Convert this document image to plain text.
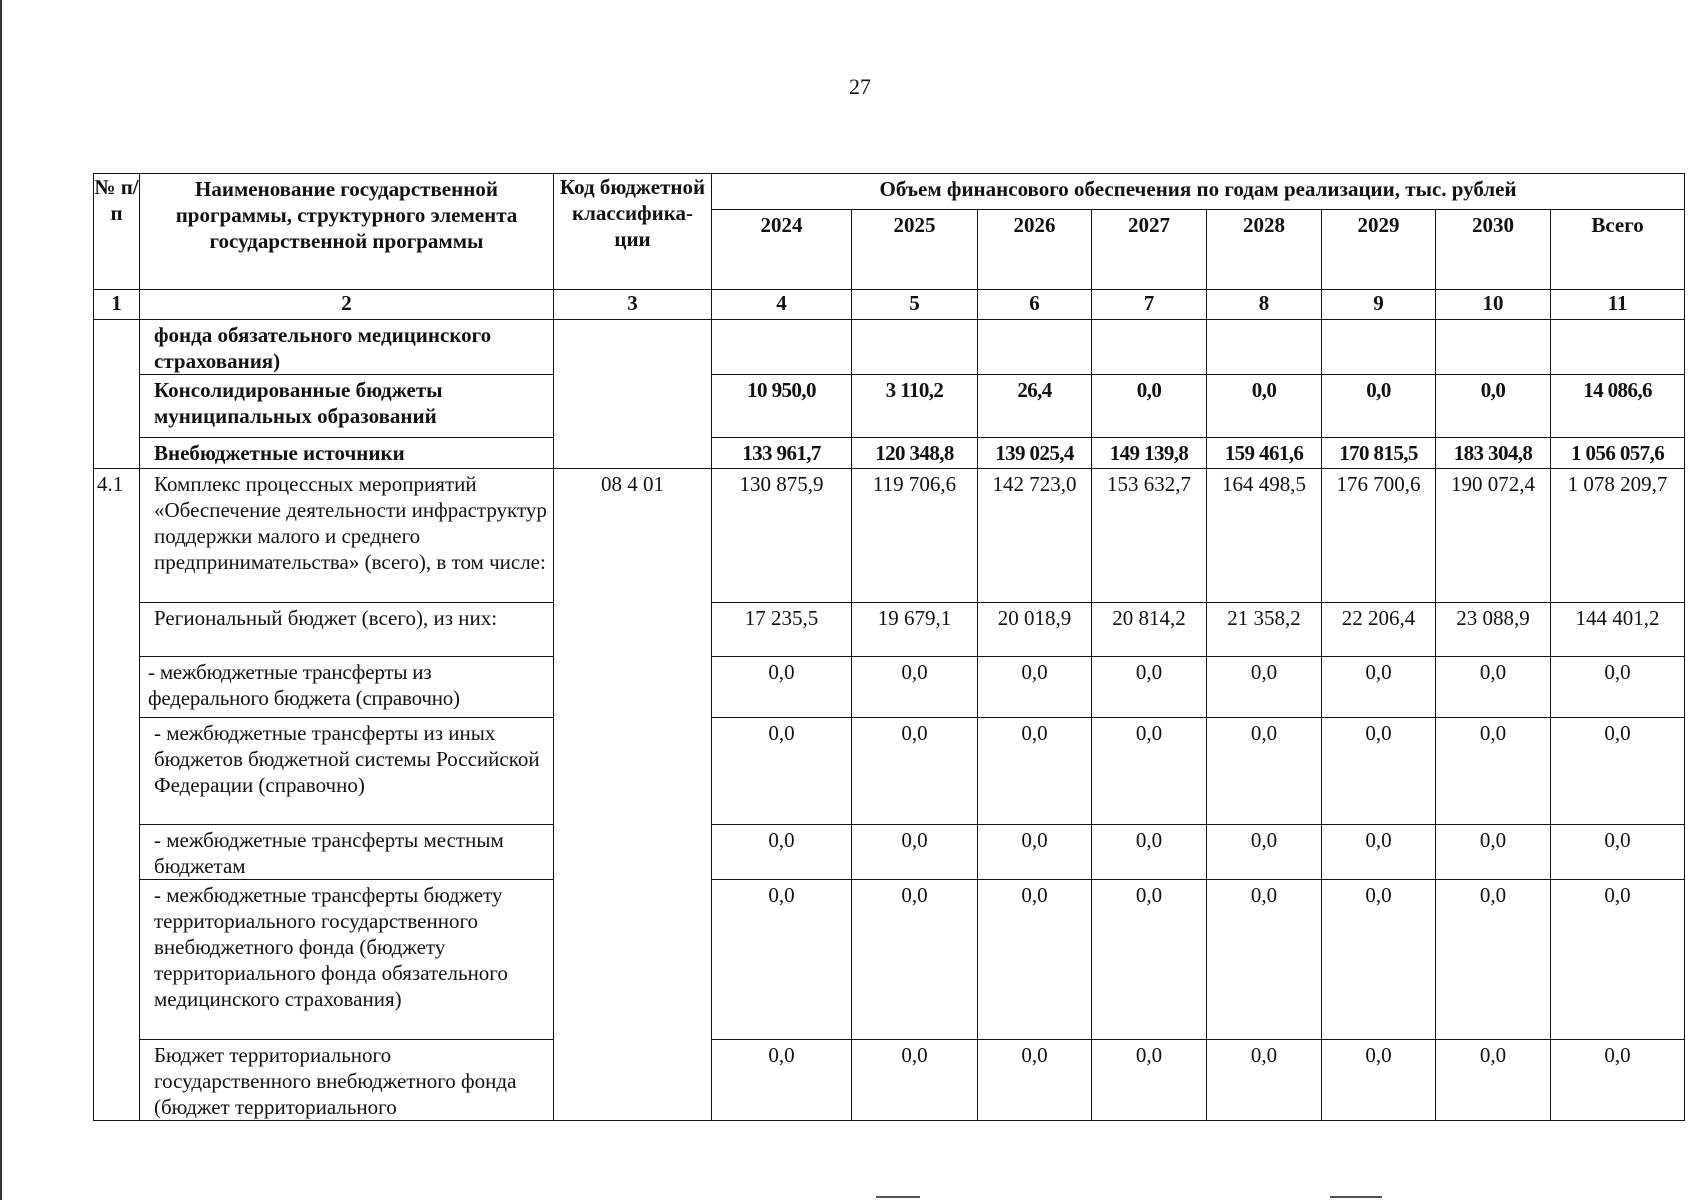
27
№ п/п	Наименование государственной программы, структурного элемента государственной программы	Код бюджетной классифика-ции	Объем финансового обеспечения по годам реализации, тыс. рублей							
			2024	2025	2026	2027	2028	2029	2030	Всего
1	2	3	4	5	6	7	8	9	10	11
	фонда обязательного медицинского страхования)									
	Консолидированные бюджеты муниципальных образований		10 950,0	3 110,2	26,4	0,0	0,0	0,0	0,0	14 086,6
	Внебюджетные источники		133 961,7	120 348,8	139 025,4	149 139,8	159 461,6	170 815,5	183 304,8	1 056 057,6
4.1	Комплекс процессных мероприятий «Обеспечение деятельности инфраструктур поддержки малого и среднего предпринимательства» (всего), в том числе:	08 4 01	130 875,9	119 706,6	142 723,0	153 632,7	164 498,5	176 700,6	190 072,4	1 078 209,7
	Региональный бюджет (всего), из них:		17 235,5	19 679,1	20 018,9	20 814,2	21 358,2	22 206,4	23 088,9	144 401,2
	- межбюджетные трансферты из федерального бюджета (справочно)		0,0	0,0	0,0	0,0	0,0	0,0	0,0	0,0
	- межбюджетные трансферты из иных бюджетов бюджетной системы Российской Федерации (справочно)		0,0	0,0	0,0	0,0	0,0	0,0	0,0	0,0
	- межбюджетные трансферты местным бюджетам		0,0	0,0	0,0	0,0	0,0	0,0	0,0	0,0
	- межбюджетные трансферты бюджету территориального государственного внебюджетного фонда (бюджету территориального фонда обязательного медицинского страхования)		0,0	0,0	0,0	0,0	0,0	0,0	0,0	0,0
	Бюджет территориального государственного внебюджетного фонда (бюджет территориального		0,0	0,0	0,0	0,0	0,0	0,0	0,0	0,0
